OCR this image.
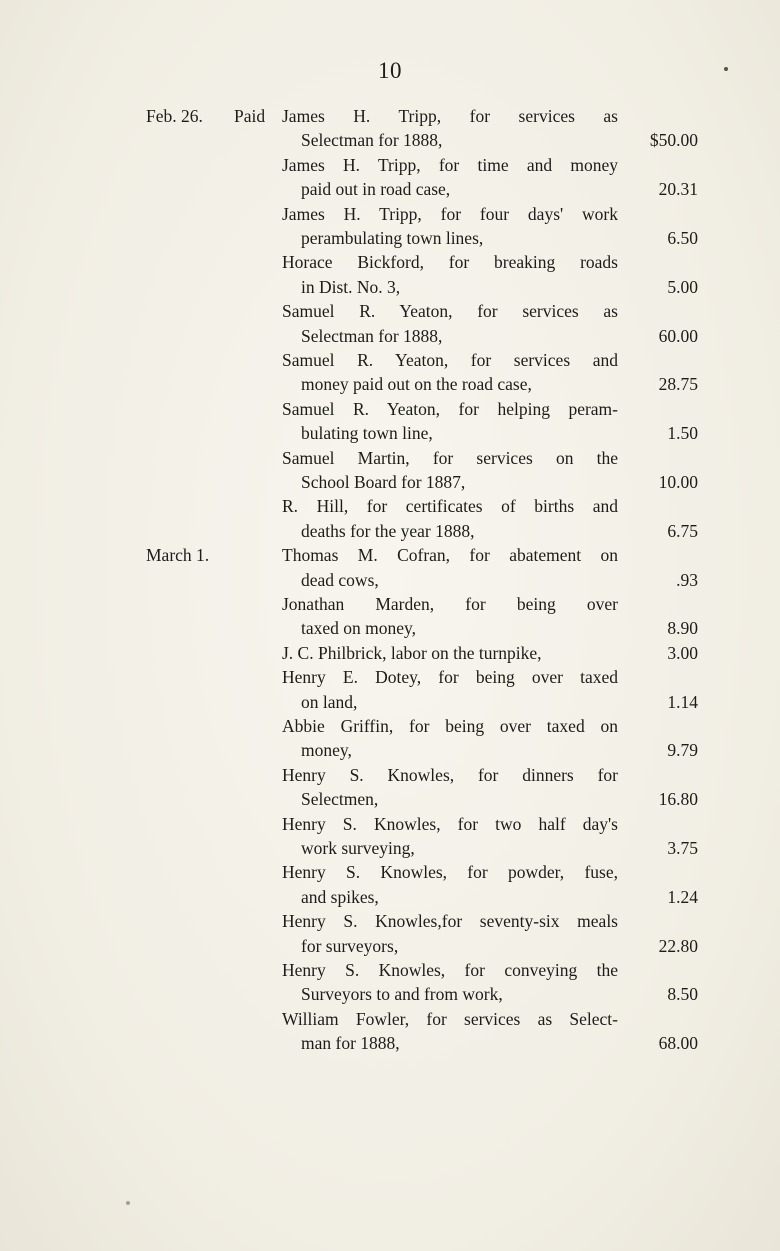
10
Feb. 26. Paid James H. Tripp, for services as
Selectman for 1888,	$50.00
James H. Tripp, for time and money
paid out in road case,	20.31
James H. Tripp, for four days' work
perambulating town lines,	6.50
Horace Bickford, for breaking roads
in Dist. No. 3,	5.00
Samuel R. Yeaton, for services as
Selectman for 1888,	60.00
Samuel R. Yeaton, for services and
money paid out on the road case,	28.75
Samuel R. Yeaton, for helping peram-
bulating town line,	1.50
Samuel Martin, for services on the
School Board for 1887,	10.00
R. Hill, for certificates of births and
deaths for the year 1888,	6.75
March 1.	Thomas M. Cofran, for abatement on
dead cows,	.93
Jonathan Marden, for being over
taxed on money,	8.90
J. C. Philbrick, labor on the turnpike,	3.00
Henry E. Dotey, for being over taxed
on land,	1.14
Abbie Griffin, for being over taxed on
money,	9.79
Henry S. Knowles, for dinners for
Selectmen,	16.80
Henry S. Knowles, for two half day's
work surveying,	3.75
Henry S. Knowles, for powder, fuse,
and spikes,	1.24
Henry S. Knowles,for seventy-six meals
for surveyors,	22.80
Henry S. Knowles, for conveying the
Surveyors to and from work,	8.50
William Fowler, for services as Select-
man for 1888,	68.00
